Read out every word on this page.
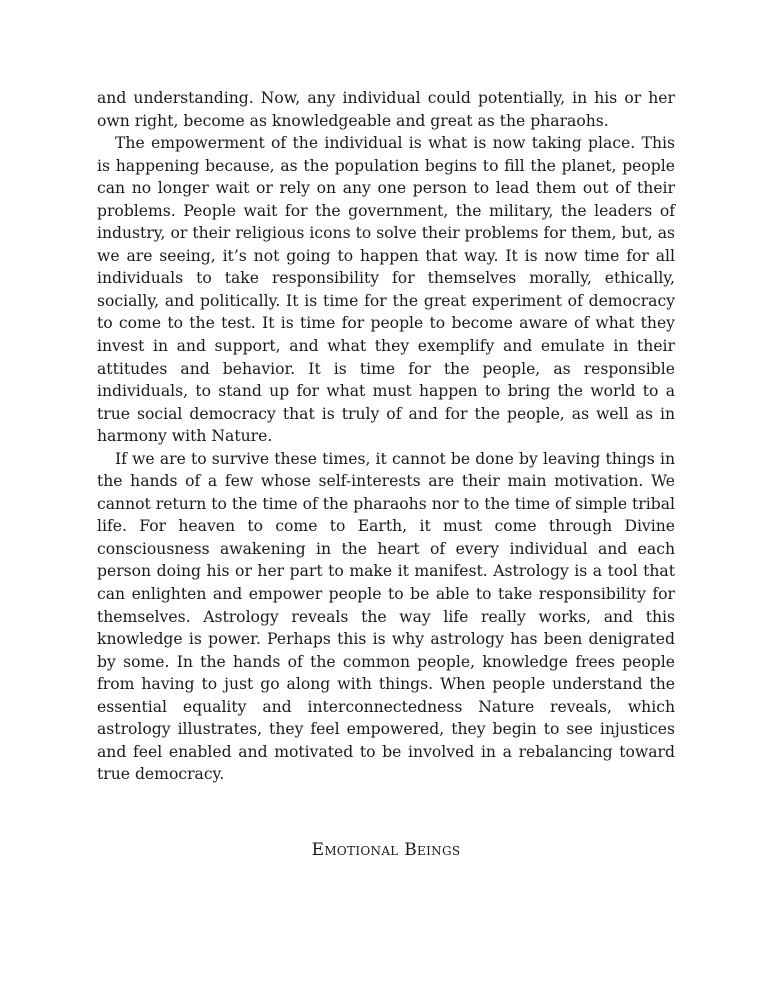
and understanding. Now, any individual could potentially, in his or her own right, become as knowledgeable and great as the pharaohs.

The empowerment of the individual is what is now taking place. This is happening because, as the population begins to fill the planet, people can no longer wait or rely on any one person to lead them out of their problems. People wait for the government, the military, the leaders of industry, or their religious icons to solve their problems for them, but, as we are seeing, it’s not going to happen that way. It is now time for all individuals to take responsibility for themselves morally, ethically, socially, and politically. It is time for the great experiment of democracy to come to the test. It is time for people to become aware of what they invest in and support, and what they exemplify and emulate in their attitudes and behavior. It is time for the people, as responsible individuals, to stand up for what must happen to bring the world to a true social democracy that is truly of and for the people, as well as in harmony with Nature.

If we are to survive these times, it cannot be done by leaving things in the hands of a few whose self-interests are their main motivation. We cannot return to the time of the pharaohs nor to the time of simple tribal life. For heaven to come to Earth, it must come through Divine consciousness awakening in the heart of every individual and each person doing his or her part to make it manifest. Astrology is a tool that can enlighten and empower people to be able to take responsibility for themselves. Astrology reveals the way life really works, and this knowledge is power. Perhaps this is why astrology has been denigrated by some. In the hands of the common people, knowledge frees people from having to just go along with things. When people understand the essential equality and interconnectedness Nature reveals, which astrology illustrates, they feel empowered, they begin to see injustices and feel enabled and motivated to be involved in a rebalancing toward true democracy.

Emotional Beings
